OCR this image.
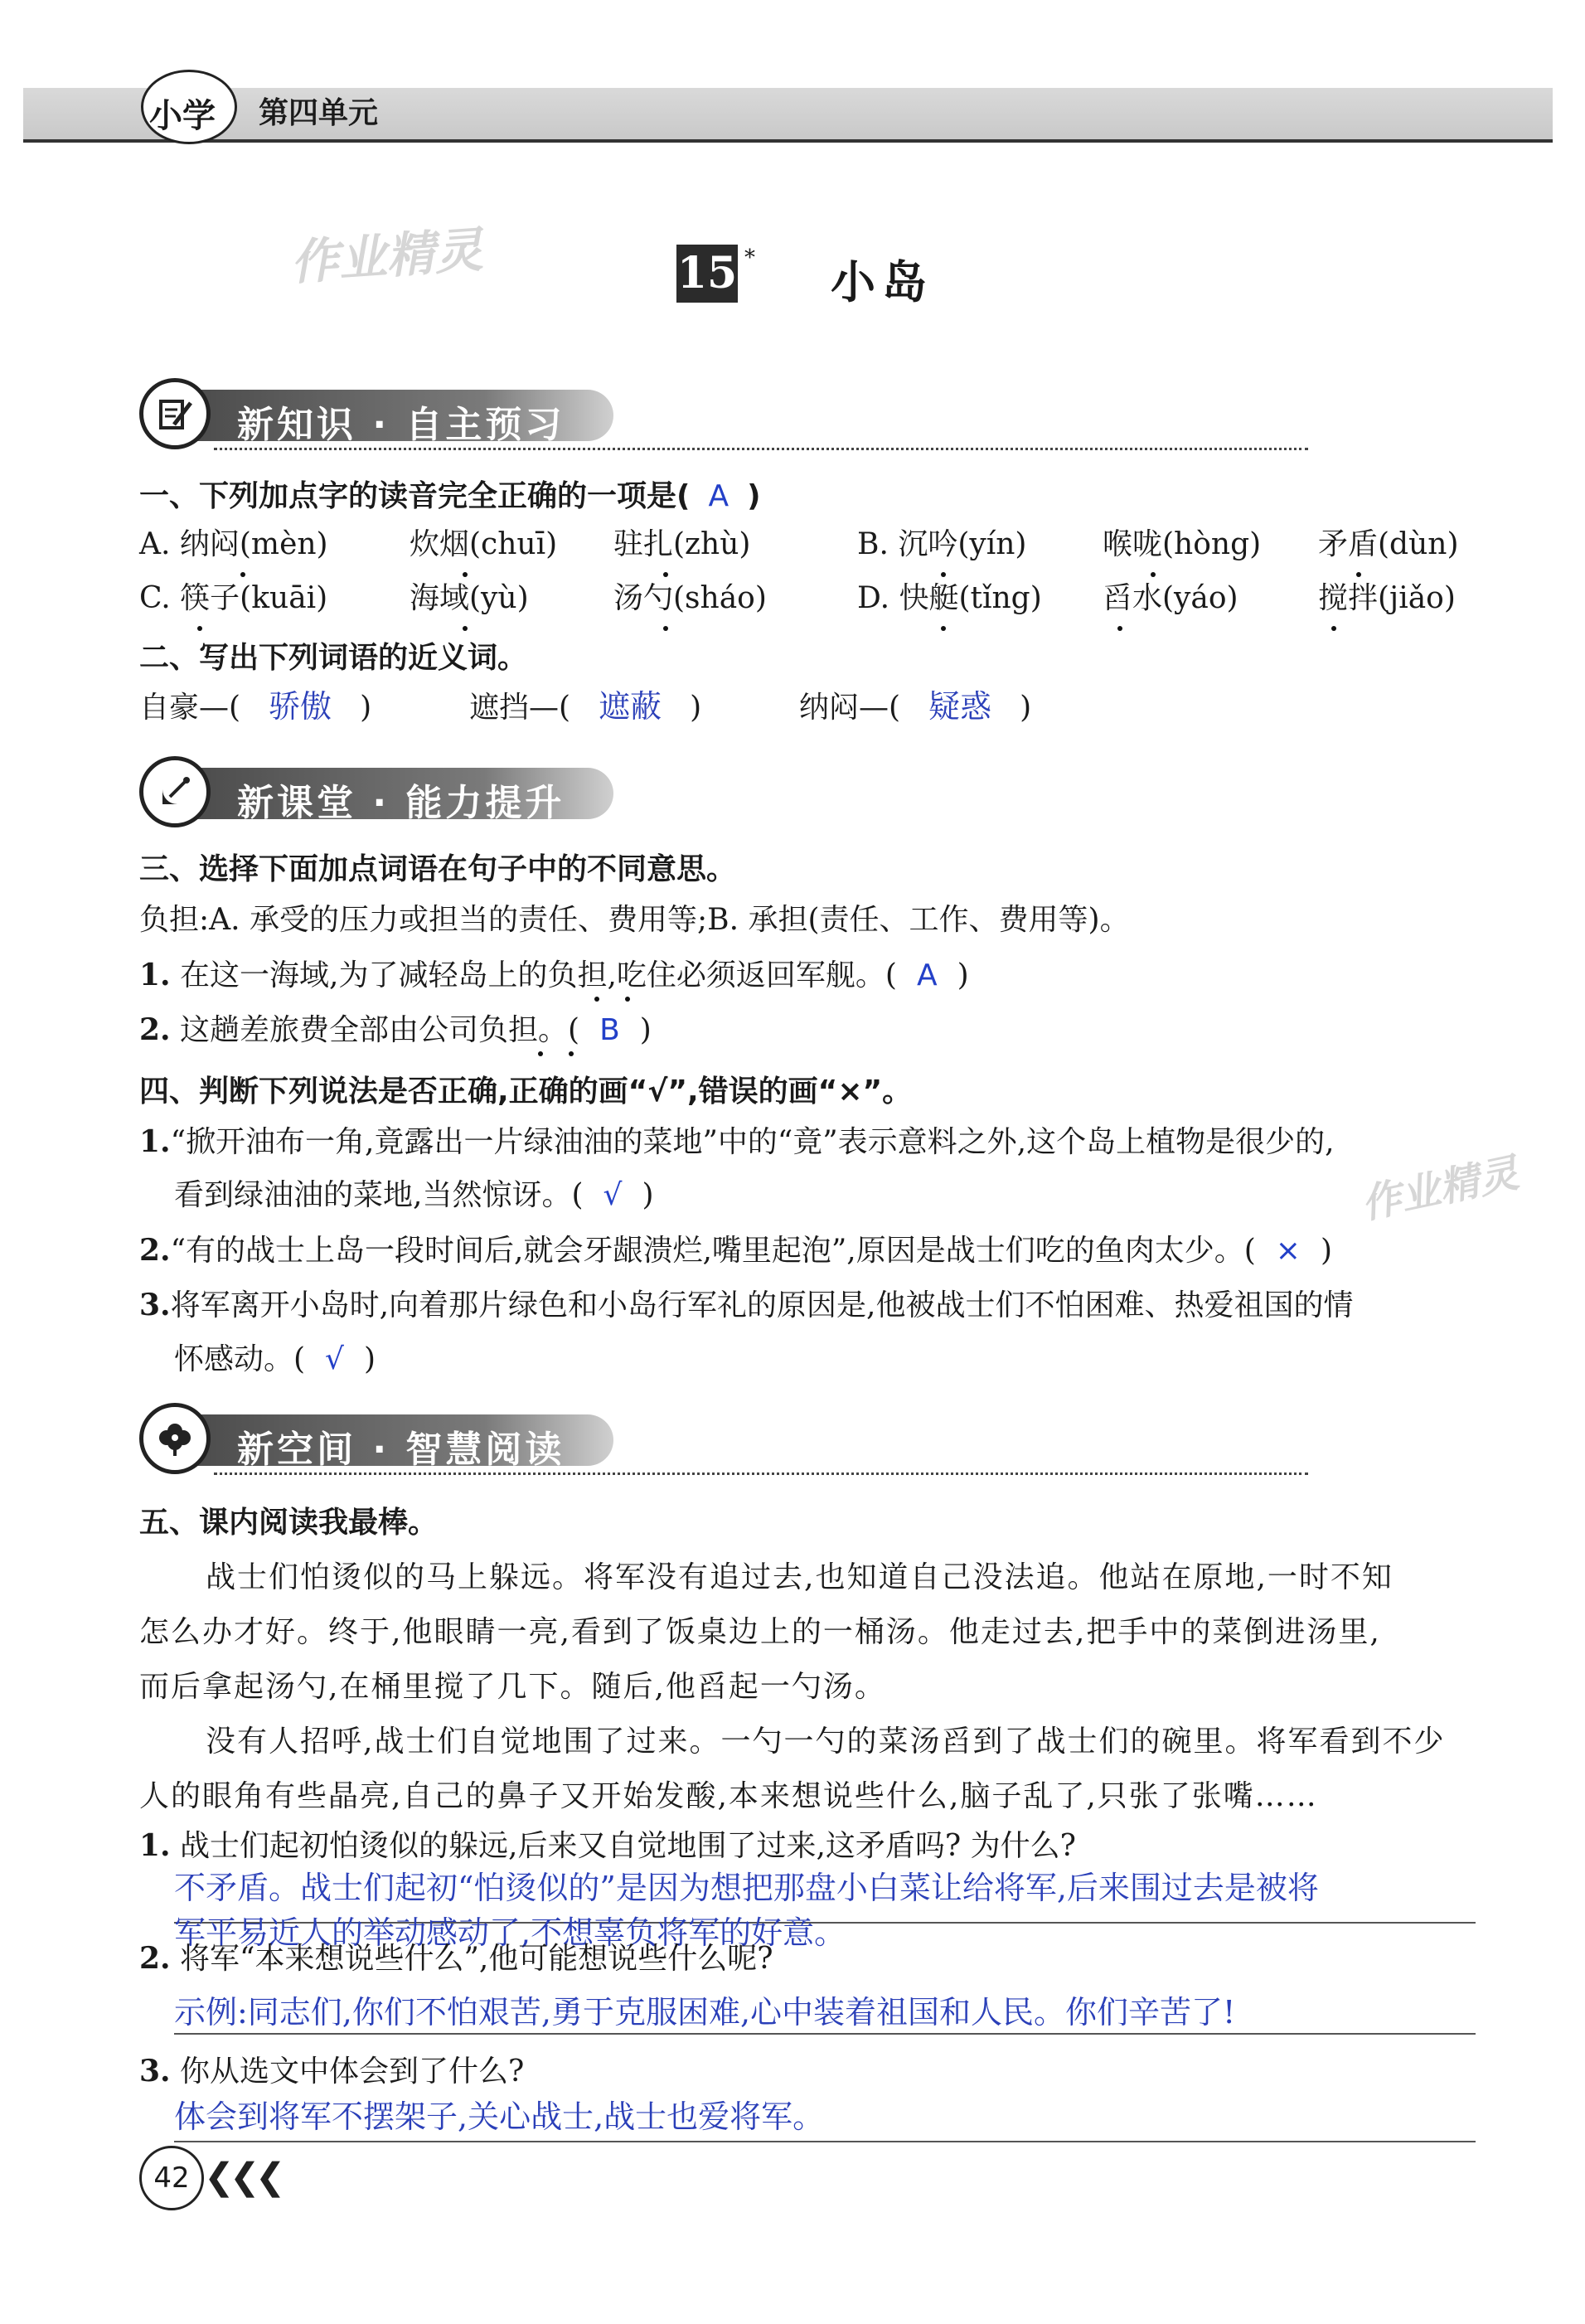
小学 第四单元
作业精灵
作业精灵
15 * 小岛
新知识 · 自主预习
一、下列加点字的读音完全正确的一项是( A )
A. 纳闷(mèn)	炊烟(chuī) 驻扎(zhù)	B. 沉吟(yín)	喉咙(hòng) 矛盾(dùn)
C. 筷子(kuāi)	海域(yù)	汤勺(sháo)	D. 快艇(tǐng) 舀水(yáo)	搅拌(jiǎo)
二、写出下列词语的近义词。
自豪—( 骄傲 )	遮挡—( 遮蔽 )	纳闷—( 疑惑 )
新课堂 · 能力提升
三、选择下面加点词语在句子中的不同意思。
负担:A. 承受的压力或担当的责任、费用等;B. 承担(责任、工作、费用等)。
1. 在这一海域,为了减轻岛上的负担,吃住必须返回军舰。( A )
2. 这趟差旅费全部由公司负担。( B )
四、判断下列说法是否正确,正确的画“√”,错误的画“×”。
1.“掀开油布一角,竟露出一片绿油油的菜地”中的“竟”表示意料之外,这个岛上植物是很少的,
看到绿油油的菜地,当然惊讶。( √ )
2.“有的战士上岛一段时间后,就会牙龈溃烂,嘴里起泡”,原因是战士们吃的鱼肉太少。( × )
3.将军离开小岛时,向着那片绿色和小岛行军礼的原因是,他被战士们不怕困难、热爱祖国的情
怀感动。( √ )
新空间 · 智慧阅读
五、课内阅读我最棒。
战士们怕烫似的马上躲远。将军没有追过去,也知道自己没法追。他站在原地,一时不知
怎么办才好。终于,他眼睛一亮,看到了饭桌边上的一桶汤。他走过去,把手中的菜倒进汤里,
而后拿起汤勺,在桶里搅了几下。随后,他舀起一勺汤。
没有人招呼,战士们自觉地围了过来。一勺一勺的菜汤舀到了战士们的碗里。将军看到不少
人的眼角有些晶亮,自己的鼻子又开始发酸,本来想说些什么,脑子乱了,只张了张嘴……
1. 战士们起初怕烫似的躲远,后来又自觉地围了过来,这矛盾吗? 为什么?
不矛盾。战士们起初“怕烫似的”是因为想把那盘小白菜让给将军,后来围过去是被将
军平易近人的举动感动了,不想辜负将军的好意。
2. 将军“本来想说些什么”,他可能想说些什么呢?
示例:同志们,你们不怕艰苦,勇于克服困难,心中装着祖国和人民。你们辛苦了!
3. 你从选文中体会到了什么?
体会到将军不摆架子,关心战士,战士也爱将军。
42 ❮❮❮
